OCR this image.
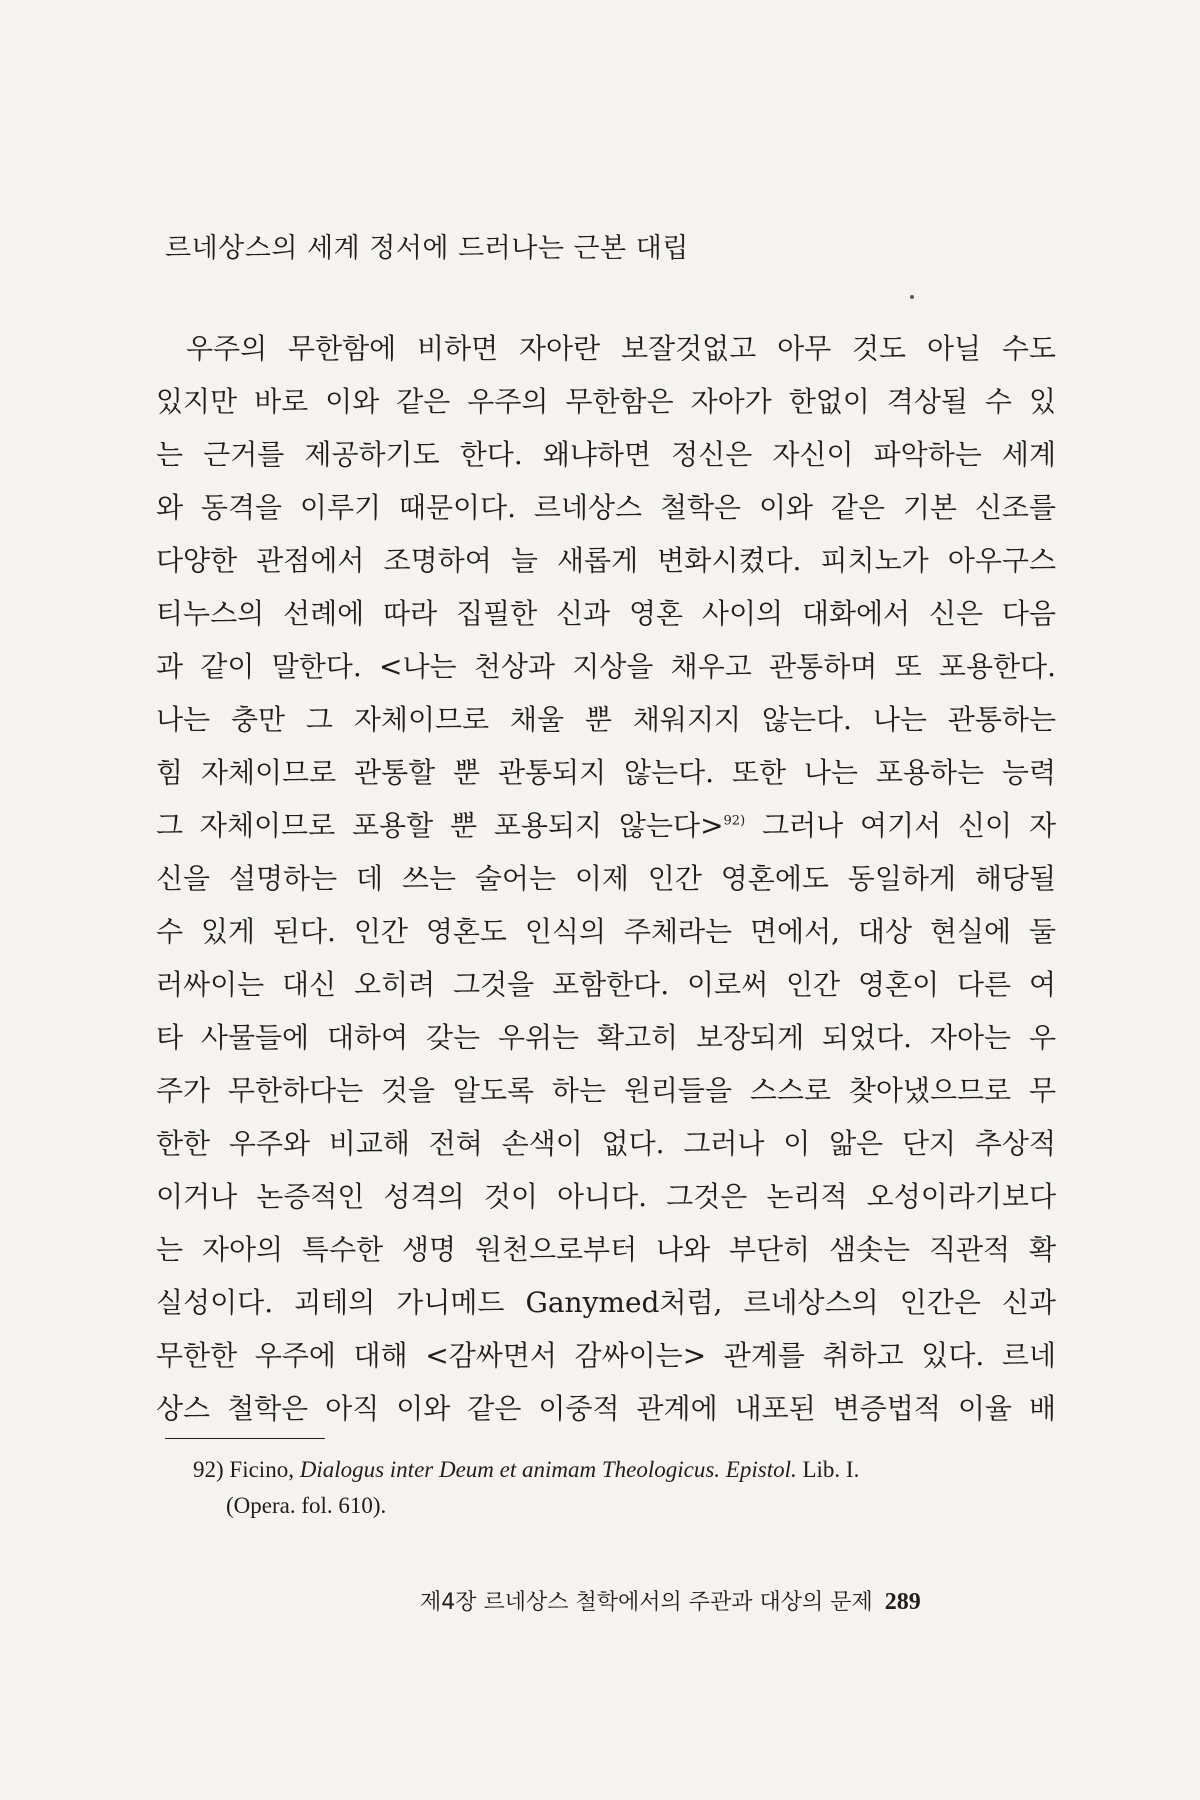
르네상스의 세계 정서에 드러나는 근본 대립
우주의 무한함에 비하면 자아란 보잘것없고 아무 것도 아닐 수도
있지만 바로 이와 같은 우주의 무한함은 자아가 한없이 격상될 수 있
는 근거를 제공하기도 한다. 왜냐하면 정신은 자신이 파악하는 세계
와 동격을 이루기 때문이다. 르네상스 철학은 이와 같은 기본 신조를
다양한 관점에서 조명하여 늘 새롭게 변화시켰다. 피치노가 아우구스
티누스의 선례에 따라 집필한 신과 영혼 사이의 대화에서 신은 다음
과 같이 말한다. <나는 천상과 지상을 채우고 관통하며 또 포용한다.
나는 충만 그 자체이므로 채울 뿐 채워지지 않는다. 나는 관통하는
힘 자체이므로 관통할 뿐 관통되지 않는다. 또한 나는 포용하는 능력
그 자체이므로 포용할 뿐 포용되지 않는다>$^{92)}$ 그러나 여기서 신이 자
신을 설명하는 데 쓰는 술어는 이제 인간 영혼에도 동일하게 해당될
수 있게 된다. 인간 영혼도 인식의 주체라는 면에서, 대상 현실에 둘
러싸이는 대신 오히려 그것을 포함한다. 이로써 인간 영혼이 다른 여
타 사물들에 대하여 갖는 우위는 확고히 보장되게 되었다. 자아는 우
주가 무한하다는 것을 알도록 하는 원리들을 스스로 찾아냈으므로 무
한한 우주와 비교해 전혀 손색이 없다. 그러나 이 앎은 단지 추상적
이거나 논증적인 성격의 것이 아니다. 그것은 논리적 오성이라기보다
는 자아의 특수한 생명 원천으로부터 나와 부단히 샘솟는 직관적 확
실성이다. 괴테의 가니메드 Ganymed처럼, 르네상스의 인간은 신과
무한한 우주에 대해 <감싸면서 감싸이는> 관계를 취하고 있다. 르네
상스 철학은 아직 이와 같은 이중적 관계에 내포된 변증법적 이율 배
92) Ficino, Dialogus inter Deum et animam Theologicus. Epistol. Lib. I.
(Opera. fol. 610).
제4장 르네상스 철학에서의 주관과 대상의 문제 289
